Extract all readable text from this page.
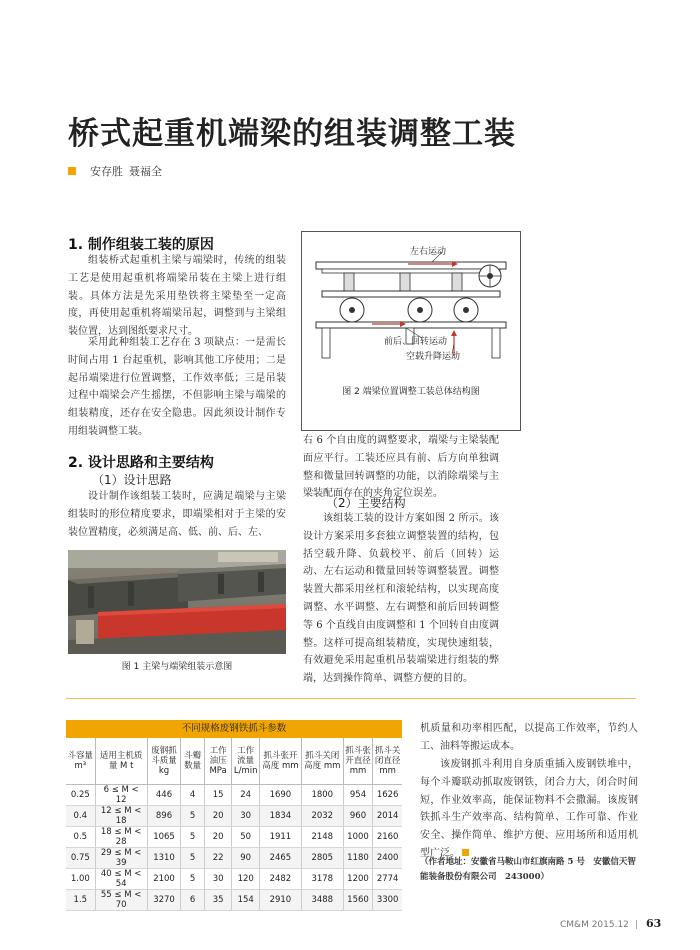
桥式起重机端梁的组装调整工装
安存胜 聂福全
1. 制作组装工装的原因

组装桥式起重机主梁与端梁时，传统的组装工艺是使用起重机将端梁吊装在主梁上进行组装。具体方法是先采用垫铁将主梁垫至一定高度，再使用起重机将端梁吊起，调整到与主梁组装位置，达到图纸要求尺寸。

采用此种组装工艺存在 3 项缺点：一是需长时间占用 1 台起重机，影响其他工序使用；二是起吊端梁进行位置调整，工作效率低；三是吊装过程中端梁会产生摇摆，不但影响主梁与端梁的组装精度，还存在安全隐患。因此须设计制作专用组装调整工装。

2. 设计思路和主要结构
（1）设计思路

设计制作该组装工装时，应满足端梁与主梁组装时的形位精度要求，即端梁相对于主梁的安装位置精度，必须满足高、低、前、后、左、

图 1 主梁与端梁组装示意图
左右运动
前后、回转运动
空载升降运动
图 2 端梁位置调整工装总体结构图

右 6 个自由度的调整要求，端梁与主梁装配面应平行。工装还应具有前、后方向单独调整和微量回转调整的功能，以消除端梁与主梁装配面存在的夹角定位误差。

（2）主要结构

该组装工装的设计方案如图 2 所示。该设计方案采用多套独立调整装置的结构，包括空载升降、负载校平、前后（回转）运动、左右运动和微量回转等调整装置。调整装置大都采用丝杠和滚轮结构，以实现高度调整、水平调整、左右调整和前后回转调整等 6 个直线自由度调整和 1 个回转自由度调整。这样可提高组装精度，实现快速组装，有效避免采用起重机吊装端梁进行组装的弊端，达到操作简单、调整方便的目的。

不同规格废钢铁抓斗参数
斗容量 m³	适用主机质量 M t	废钢抓斗质量 kg	斗瓣数量	工作油压 MPa	工作流量 L/min	抓斗张开高度 mm	抓斗关闭高度 mm	抓斗张开直径 mm	抓斗关闭直径 mm
0.25	6 ≤ M < 12	446	4	15	24	1690	1800	954	1626
0.4	12 ≤ M < 18	896	5	20	30	1834	2032	960	2014
0.5	18 ≤ M < 28	1065	5	20	50	1911	2148	1000	2160
0.75	29 ≤ M < 39	1310	5	22	90	2465	2805	1180	2400
1.00	40 ≤ M < 54	2100	5	30	120	2482	3178	1200	2774
1.5	55 ≤ M < 70	3270	6	35	154	2910	3488	1560	3300

机质量和功率相匹配，以提高工作效率，节约人工、油料等搬运成本。

该废钢抓斗利用自身质重插入废钢铁堆中，每个斗瓣联动抓取废钢铁，闭合力大，闭合时间短，作业效率高，能保证物料不会撒漏。该废钢铁抓斗生产效率高、结构简单、工作可靠、作业安全、操作简单、维护方便、应用场所和适用机型广泛。

（作者地址：安徽省马鞍山市红旗南路 5 号　安徽信天智能装备股份有限公司　243000）

CM&M 2015.12 | 63
